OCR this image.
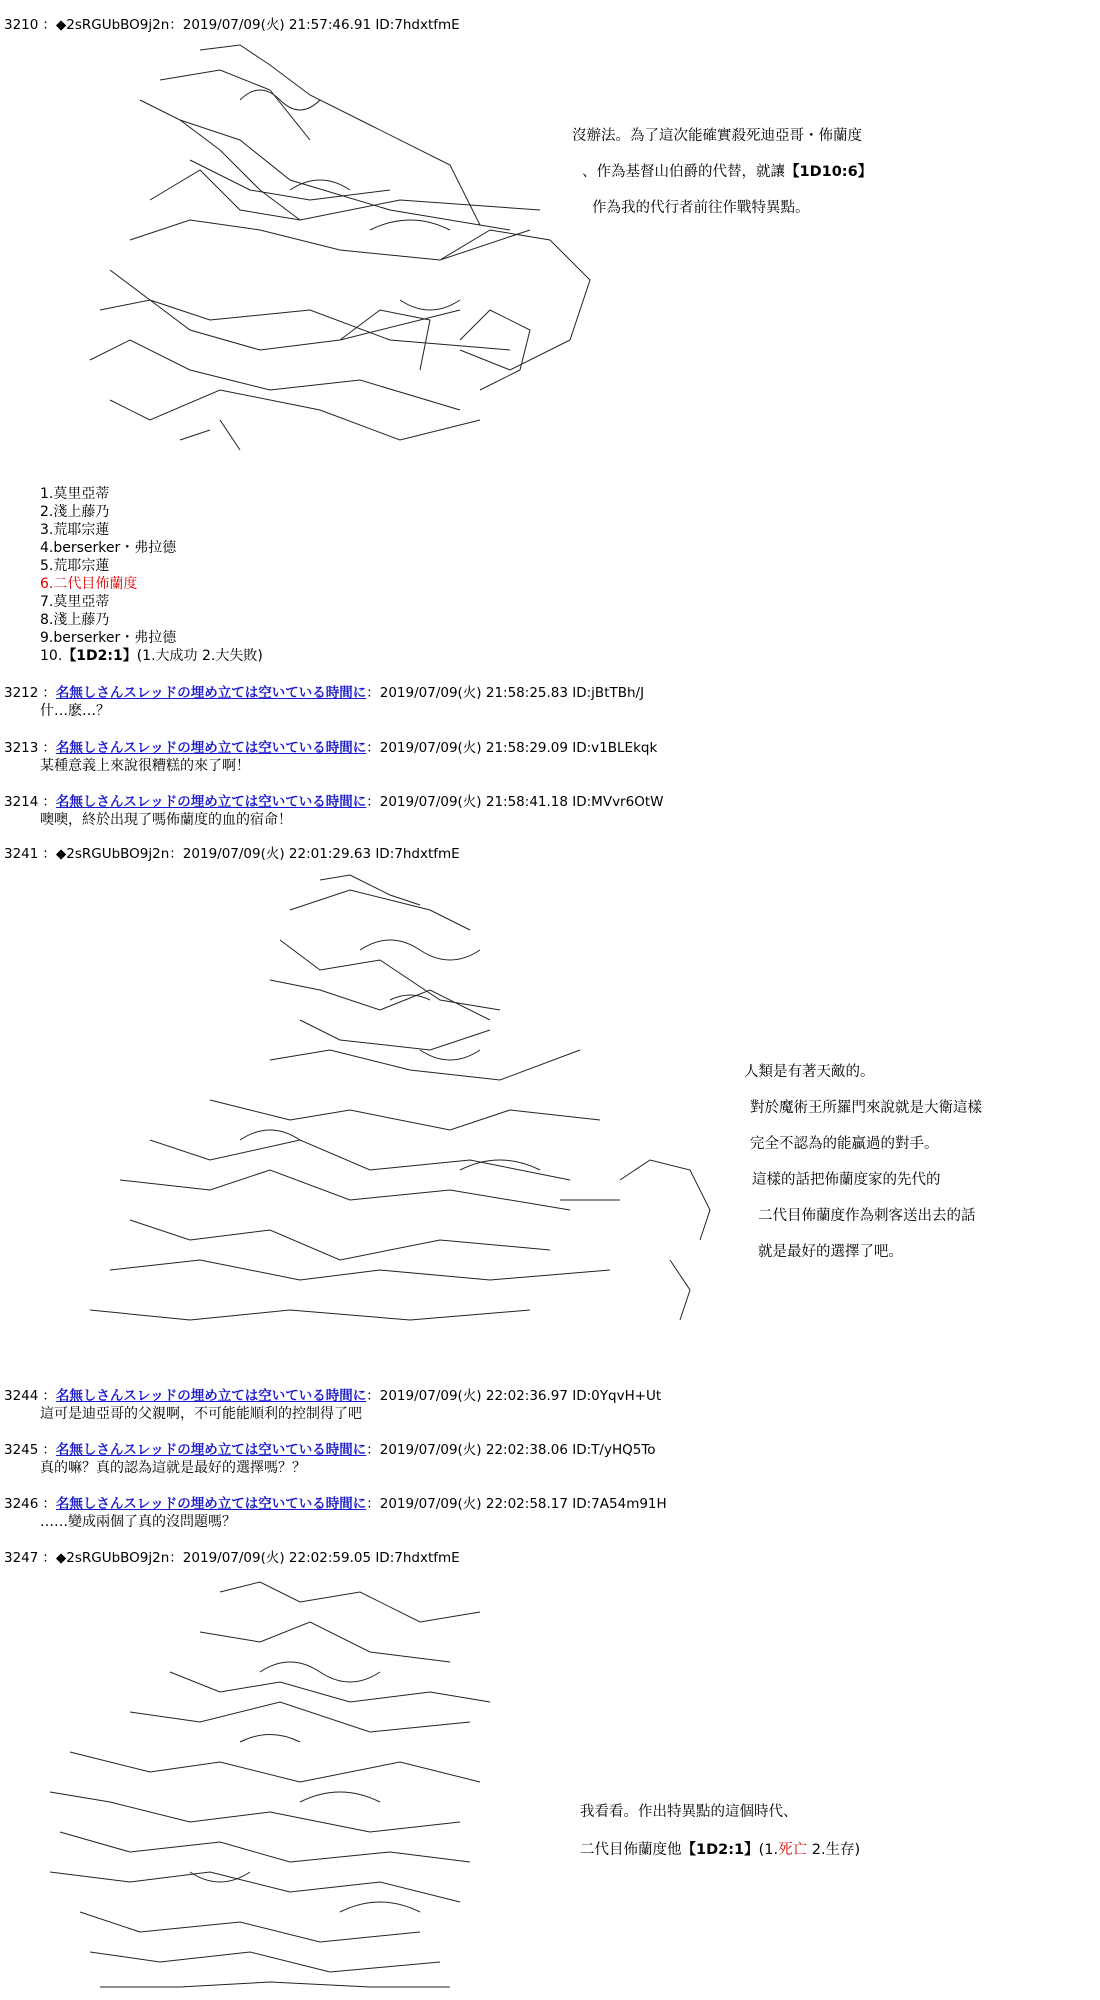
3210 ：◆2sRGUbBO9j2n：2019/07/09(火) 21:57:46.91 ID:7hdxtfmE
沒辦法。為了這次能確實殺死迪亞哥・佈蘭度
、作為基督山伯爵的代替，就讓【1D10:6】
作為我的代行者前往作戰特異點。
1.莫里亞蒂
2.淺上藤乃
3.荒耶宗蓮
4.berserker・弗拉德
5.荒耶宗蓮
6.二代目佈蘭度
7.莫里亞蒂
8.淺上藤乃
9.berserker・弗拉德
10.【1D2:1】(1.大成功 2.大失敗)
3212 ：名無しさんスレッドの埋め立ては空いている時間に：2019/07/09(火) 21:58:25.83 ID:jBtTBh/J
什…麽…？
3213 ：名無しさんスレッドの埋め立ては空いている時間に：2019/07/09(火) 21:58:29.09 ID:v1BLEkqk
某種意義上來說很糟糕的來了啊！
3214 ：名無しさんスレッドの埋め立ては空いている時間に：2019/07/09(火) 21:58:41.18 ID:MVvr6OtW
噢噢，終於出現了嗎佈蘭度的血的宿命！
3241 ：◆2sRGUbBO9j2n：2019/07/09(火) 22:01:29.63 ID:7hdxtfmE
人類是有著天敵的。
對於魔術王所羅門來說就是大衛這樣
完全不認為的能贏過的對手。
這樣的話把佈蘭度家的先代的
二代目佈蘭度作為刺客送出去的話
就是最好的選擇了吧。
3244 ：名無しさんスレッドの埋め立ては空いている時間に：2019/07/09(火) 22:02:36.97 ID:0YqvH+Ut
這可是迪亞哥的父親啊，不可能能順利的控制得了吧
3245 ：名無しさんスレッドの埋め立ては空いている時間に：2019/07/09(火) 22:02:38.06 ID:T/yHQ5To
真的嘛？真的認為這就是最好的選擇嗎？？
3246 ：名無しさんスレッドの埋め立ては空いている時間に：2019/07/09(火) 22:02:58.17 ID:7A54m91H
……變成兩個了真的沒問題嗎？
3247 ：◆2sRGUbBO9j2n：2019/07/09(火) 22:02:59.05 ID:7hdxtfmE
我看看。作出特異點的這個時代、
二代目佈蘭度他【1D2:1】(1.死亡 2.生存)
